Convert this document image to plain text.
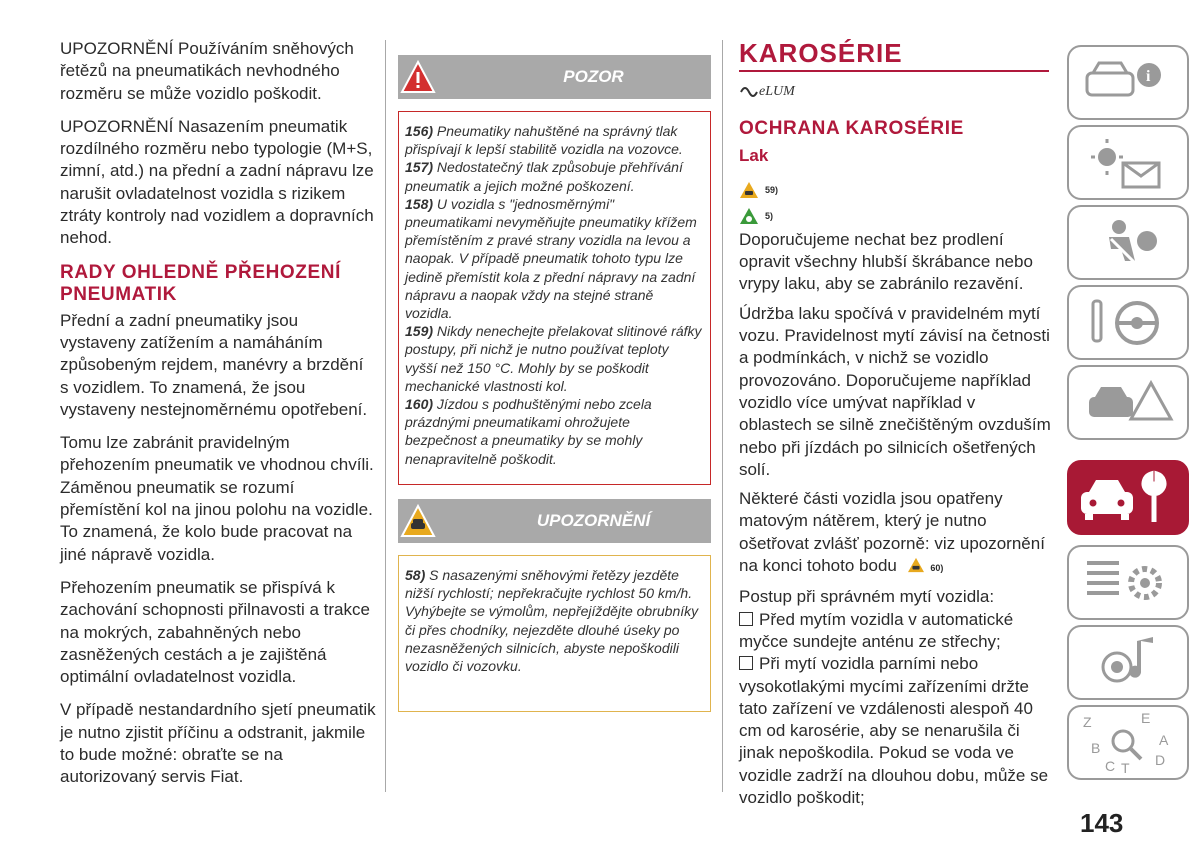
UPOZORNĚNÍ Používáním sněhových řetězů na pneumatikách nevhodného rozměru se může vozidlo poškodit.

UPOZORNĚNÍ Nasazením pneumatik rozdílného rozměru nebo typologie (M+S, zimní, atd.) na přední a zadní nápravu lze narušit ovladatelnost vozidla s rizikem ztráty kontroly nad vozidlem a dopravních nehod.

RADY OHLEDNĚ PŘEHOZENÍ PNEUMATIK

Přední a zadní pneumatiky jsou vystaveny zatížením a namáháním způsobeným rejdem, manévry a brzdění s vozidlem. To znamená, že jsou vystaveny nestejnoměrnému opotřebení.

Tomu lze zabránit pravidelným přehozením pneumatik ve vhodnou chvíli. Záměnou pneumatik se rozumí přemístění kol na jinou polohu na vozidle. To znamená, že kolo bude pracovat na jiné nápravě vozidla.

Přehozením pneumatik se přispívá k zachování schopnosti přilnavosti a trakce na mokrých, zabahněných nebo zasněžených cestách a je zajištěná optimální ovladatelnost vozidla.

V případě nestandardního sjetí pneumatik je nutno zjistit příčinu a odstranit, jakmile to bude možné: obraťte se na autorizovaný servis Fiat.

POZOR

156) Pneumatiky nahuštěné na správný tlak přispívají k lepší stabilitě vozidla na vozovce.

157) Nedostatečný tlak způsobuje přehřívání pneumatik a jejich možné poškození.

158) U vozidla s "jednosměrnými" pneumatikami nevyměňujte pneumatiky křížem přemístěním z pravé strany vozidla na levou a naopak. V případě pneumatik tohoto typu lze jedině přemístit kola z přední nápravy na zadní nápravu a naopak vždy na stejné straně vozidla.

159) Nikdy nenechejte přelakovat slitinové ráfky postupy, při nichž je nutno používat teploty vyšší než 150 °C. Mohly by se poškodit mechanické vlastnosti kol.

160) Jízdou s podhuštěnými nebo zcela prázdnými pneumatikami ohrožujete bezpečnost a pneumatiky by se mohly nenapravitelně poškodit.

UPOZORNĚNÍ

58) S nasazenými sněhovými řetězy jezděte nižší rychlostí; nepřekračujte rychlost 50 km/h. Vyhýbejte se výmolům, nepřejíždějte obrubníky či přes chodníky, nejezděte dlouhé úseky po nezasněžených silnicích, abyste nepoškodili vozidlo či vozovku.

KAROSÉRIE
eLUM
OCHRANA KAROSÉRIE
Lak
59)
5)

Doporučujeme nechat bez prodlení opravit všechny hlubší škrábance nebo vrypy laku, aby se zabránilo rezavění.

Údržba laku spočívá v pravidelném mytí vozu. Pravidelnost mytí závisí na četnosti a podmínkách, v nichž se vozidlo provozováno. Doporučujeme například vozidlo více umývat například v oblastech se silně znečištěným ovzduším nebo při jízdách po silnicích ošetřených solí.

Některé části vozidla jsou opatřeny matovým nátěrem, který je nutno ošetřovat zvlášť pozorně: viz upozornění na konci tohoto bodu	60)

Postup při správném mytí vozidla:

Před mytím vozidla v automatické myčce sundejte anténu ze střechy;

Při mytí vozidla parními nebo vysokotlakými mycími zařízeními držte tato zařízení ve vzdálenosti alespoň 40 cm od karosérie, aby se nenarušila či jinak nepoškodila. Pokud se voda ve vozidle zadrží na dlouhou dobu, může se vozidlo poškodit;

i
Z	E
B	A
C	D
T
143
